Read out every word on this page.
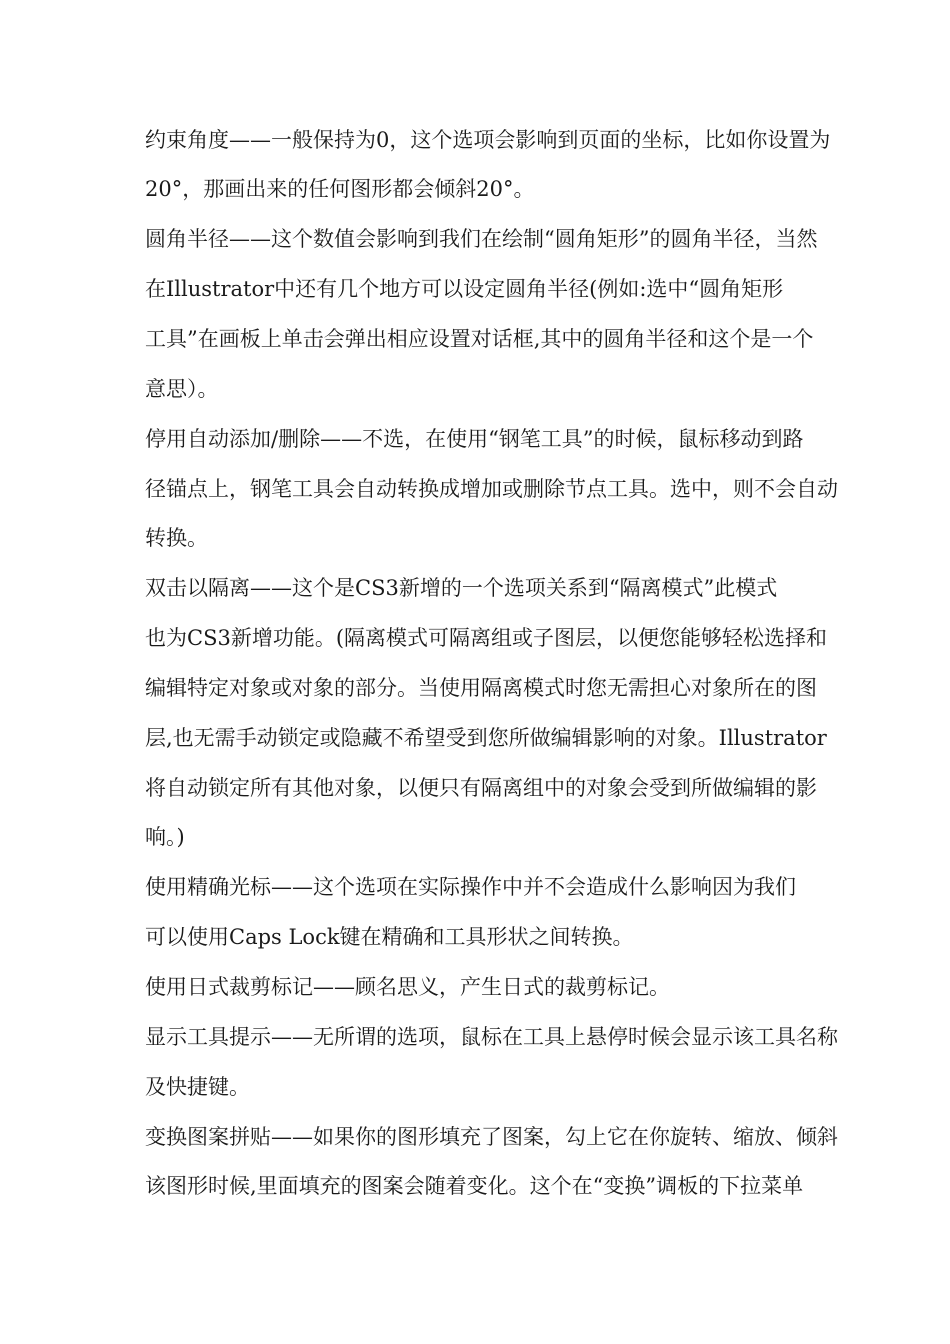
约束角度——一般保持为0，这个选项会影响到页面的坐标，比如你设置为
20°，那画出来的任何图形都会倾斜20°。
圆角半径——这个数值会影响到我们在绘制“圆角矩形”的圆角半径，当然
在Illustrator中还有几个地方可以设定圆角半径(例如:选中“圆角矩形
工具”在画板上单击会弹出相应设置对话框,其中的圆角半径和这个是一个
意思）。
停用自动添加/删除——不选，在使用“钢笔工具”的时候，鼠标移动到路
径锚点上，钢笔工具会自动转换成增加或删除节点工具。选中，则不会自动
转换。
双击以隔离——这个是CS3新增的一个选项关系到“隔离模式”此模式
也为CS3新增功能。(隔离模式可隔离组或子图层，以便您能够轻松选择和
编辑特定对象或对象的部分。当使用隔离模式时您无需担心对象所在的图
层,也无需手动锁定或隐藏不希望受到您所做编辑影响的对象。Illustrator
将自动锁定所有其他对象，以便只有隔离组中的对象会受到所做编辑的影
响。)
使用精确光标——这个选项在实际操作中并不会造成什么影响因为我们
可以使用Caps Lock键在精确和工具形状之间转换。
使用日式裁剪标记——顾名思义，产生日式的裁剪标记。
显示工具提示——无所谓的选项，鼠标在工具上悬停时候会显示该工具名称
及快捷键。
变换图案拼贴——如果你的图形填充了图案，勾上它在你旋转、缩放、倾斜
该图形时候,里面填充的图案会随着变化。这个在“变换”调板的下拉菜单
